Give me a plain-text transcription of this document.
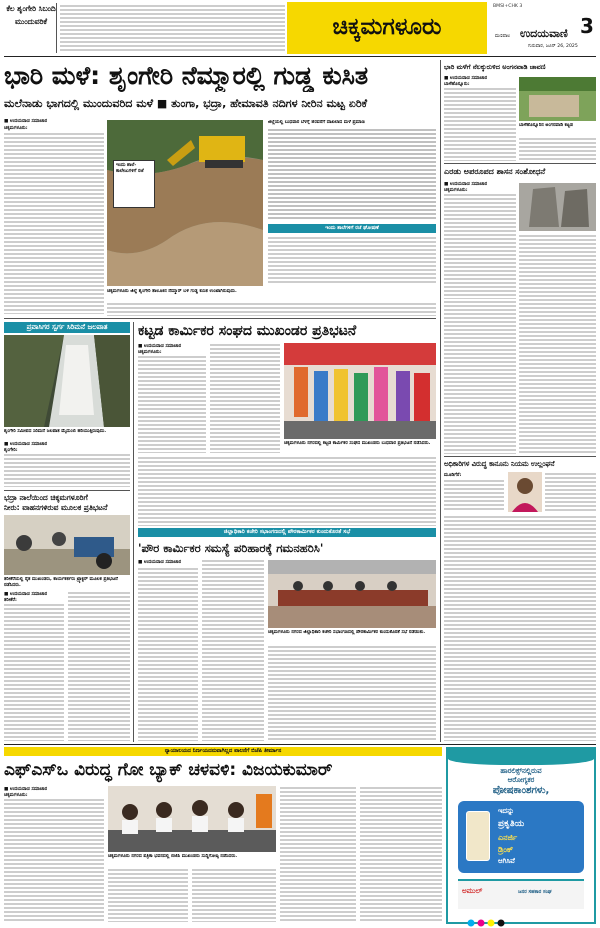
ಕೆಲ ಶೃಂಗೇರಿ ಸಿಬಂದಿ ಮುಂದುವರಿಕೆ	ಚಿಕ್ಕಮಗಳೂರು
BMSI+CHK 3
3
ಮಣಿಪಾಲ ಉದಯವಾಣಿ
ಗುರುವಾರ, ಜೂನ್ 26, 2025
ಭಾರಿ ಮಳೆ: ಶೃಂಗೇರಿ ನೆಮ್ಮಾರಲ್ಲಿ ಗುಡ್ಡ ಕುಸಿತ
ಮಲೆನಾಡು ಭಾಗದಲ್ಲಿ ಮುಂದುವರಿದ ಮಳೆ ■ ತುಂಗಾ, ಭದ್ರಾ, ಹೇಮಾವತಿ ನದಿಗಳ ನೀರಿನ ಮಟ್ಟ ಏರಿಕೆ
■ ಉದಯವಾಣಿ ಸಮಾಚಾರ
ಚಿಕ್ಕಮಗಳೂರು:
ಇಂದು ಶಾಲೆ-ಕಾಲೇಜುಗಳಿಗೆ ರಜೆ
ಚಿಕ್ಕಮಗಳೂರು ಜಿಲ್ಲೆ ಶೃಂಗೇರಿ ತಾಲೂಕಿನ ನೆಮ್ಮಾರ್ ಬಳಿ ಗುಡ್ಡ ಕುಸಿತ ಉಂಟಾಗಿರುವುದು.
ಜಿಲ್ಲೆಯಲ್ಲಿ ಬುಧವಾರ ಬೆಳಗ್ಗೆ 8ರವರೆಗೆ ದಾಖಲಾದ ಮಳೆ ಪ್ರಮಾಣ
ಇಂದು ಶಾಲೆಗಳಿಗೆ ರಜೆ ಘೋಷಣೆ
ಪ್ರವಾಸಿಗರ ಸ್ವರ್ಗ ಸಿರಿಮನೆ ಜಲಪಾತ
ಶೃಂಗೇರಿ ಸಮೀಪದ ಸಿರಿಮನೆ ಜಲಪಾತ ಮೈದುಂಬಿ ಹರಿಯುತ್ತಿರುವುದು.
■ ಉದಯವಾಣಿ ಸಮಾಚಾರ
ಶೃಂಗೇರಿ:
ಭದ್ರಾ ನಾಲೆಯಿಂದ ಚಿಕ್ಕಮಗಳೂರಿಗೆ
ನೀರು: ವಾಹನಗಳಿರುವ ಮೂಲಕ ಪ್ರತಿಭಟನೆ
ತರೀಕೆರೆಯಲ್ಲಿ ರೈತ ಮುಖಂಡರು, ಕಾರ್ಯಕರ್ತರು ಟ್ರ್ಯಾಕ್ಟರ್ ಮೂಲಕ ಪ್ರತಿಭಟನೆ ನಡೆಸಿದರು.
■ ಉದಯವಾಣಿ ಸಮಾಚಾರ
ತರೀಕೆರೆ:
ಕಟ್ಟಡ ಕಾರ್ಮಿಕರ ಸಂಘದ ಮುಖಂಡರ ಪ್ರತಿಭಟನೆ
■ ಉದಯವಾಣಿ ಸಮಾಚಾರ
ಚಿಕ್ಕಮಗಳೂರು:
ಚಿಕ್ಕಮಗಳೂರು ನಗರದಲ್ಲಿ ಕಟ್ಟಡ ಕಾರ್ಮಿಕರ ಸಂಘದ ಮುಖಂಡರು ಬುಧವಾರ ಪ್ರತಿಭಟನೆ ನಡೆಸಿದರು.
ಜಿಲ್ಲಾಧಿಕಾರಿ ಕಚೇರಿ ಸಭಾಂಗಣದಲ್ಲಿ ಪೌರಕಾರ್ಮಿಕರ ಕುಂದುಕೊರತೆ ಸಭೆ
'ಪೌರ ಕಾರ್ಮಿಕರ ಸಮಸ್ಯೆ ಪರಿಹಾರಕ್ಕೆ ಗಮನಹರಿಸಿ'
■ ಉದಯವಾಣಿ ಸಮಾಚಾರ
ಚಿಕ್ಕಮಗಳೂರು ನಗರದ ಜಿಲ್ಲಾಧಿಕಾರಿ ಕಚೇರಿ ಸಭಾಂಗಣದಲ್ಲಿ ಪೌರಕಾರ್ಮಿಕರ ಕುಂದುಕೊರತೆ ಸಭೆ ನಡೆಯಿತು.
ಭಾರಿ ಮಳೆಗೆ ನೆಲಕ್ಕುರುಳಿದ ಅಂಗನವಾಡಿ ಚಾವಣಿ
■ ಉದಯವಾಣಿ ಸಮಾಚಾರ
ಬಾಳೆಹೊನ್ನೂರು:
ಬಾಳೆಹೊನ್ನೂರಿನ ಅಂಗನವಾಡಿ ಕಟ್ಟಡ
ಎರಡು ಅಪರೂಪದ ಶಾಸನ ಸಂಶೋಧನೆ
■ ಉದಯವಾಣಿ ಸಮಾಚಾರ
ಚಿಕ್ಕಮಗಳೂರು:
ಅಧಿಕಾರಿಗಳ ವಿರುದ್ಧ ಕಾನೂನು ನಿಯಮ ಉಲ್ಲಂಘನೆ
ಮೂಡಿಗೆರೆ:
ನ್ಯಾಯಾಲಯದ ನಿರ್ಣಯದನುವಾಗಿಲ್ಲದ ಪಾಲನೆಗೆ ಬಿಜೆಪಿ ತೀರ್ಮಾನ
ಎಫ್‌ಎಸ್‌ಒ ವಿರುದ್ಧ ಗೋ ಬ್ಯಾಕ್ ಚಳವಳಿ: ವಿಜಯಕುಮಾರ್
■ ಉದಯವಾಣಿ ಸಮಾಚಾರ
ಚಿಕ್ಕಮಗಳೂರು:
ಚಿಕ್ಕಮಗಳೂರು ನಗರದ ಪತ್ರಿಕಾ ಭವನದಲ್ಲಿ ಬಿಜೆಪಿ ಮುಖಂಡರು ಸುದ್ದಿಗೋಷ್ಠಿ ನಡೆಸಿದರು.
ಹಾರಲಿಕ್ಸ್‌ನಲ್ಲಿರುವ
ಆರೋಗ್ಯಕರ
ಪೋಷಕಾಂಶಗಳು,
ಇದನ್ನು
ಪ್ರಕೃತಿಯ
ಎನರ್ಜಿ
ಡ್ರಿಂಕ್
ಆಗಿಸಿವೆ
ಅಮುಲ್	ಜನರ ಸಹಕಾರ ಸಂಘ
